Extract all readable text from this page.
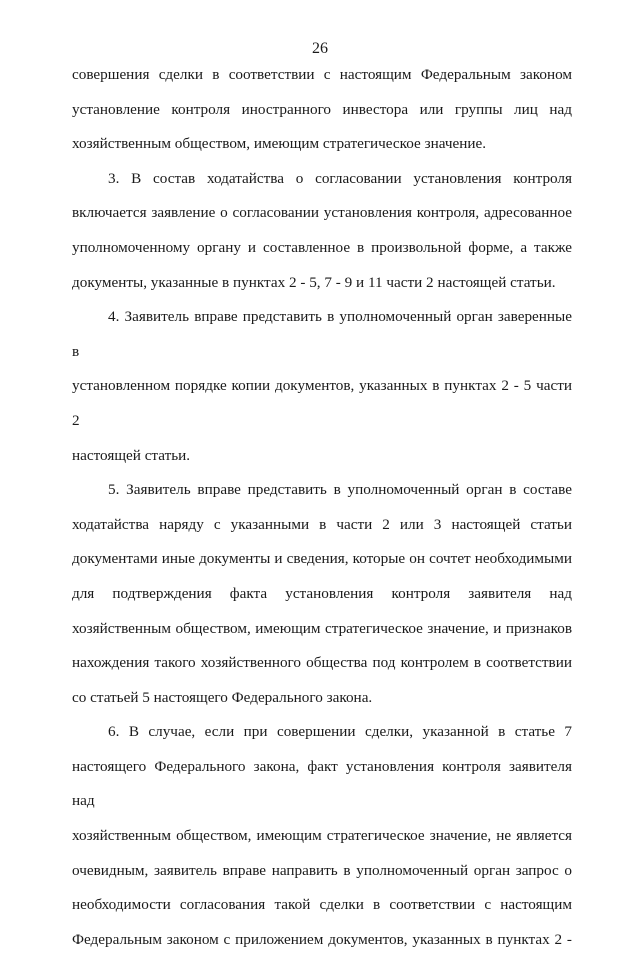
26
совершения сделки в соответствии с настоящим Федеральным законом
установление контроля иностранного инвестора или группы лиц над
хозяйственным обществом, имеющим стратегическое значение.
3. В состав ходатайства о согласовании установления контроля
включается заявление о согласовании установления контроля, адресованное
уполномоченному органу и составленное в произвольной форме, а также
документы, указанные в пунктах 2 - 5, 7 - 9 и 11 части 2 настоящей статьи.
4. Заявитель вправе представить в уполномоченный орган заверенные в
установленном порядке копии документов, указанных в пунктах 2 - 5 части 2
настоящей статьи.
5. Заявитель вправе представить в уполномоченный орган в составе
ходатайства наряду с указанными в части 2 или 3 настоящей статьи
документами иные документы и сведения, которые он сочтет необходимыми
для подтверждения факта установления контроля заявителя над
хозяйственным обществом, имеющим стратегическое значение, и признаков
нахождения такого хозяйственного общества под контролем в соответствии
со статьей 5 настоящего Федерального закона.
6. В случае, если при совершении сделки, указанной в статье 7
настоящего Федерального закона, факт установления контроля заявителя над
хозяйственным обществом, имеющим стратегическое значение, не является
очевидным, заявитель вправе направить в уполномоченный орган запрос о
необходимости согласования такой сделки в соответствии с настоящим
Федеральным законом с приложением документов, указанных в пунктах 2 -
